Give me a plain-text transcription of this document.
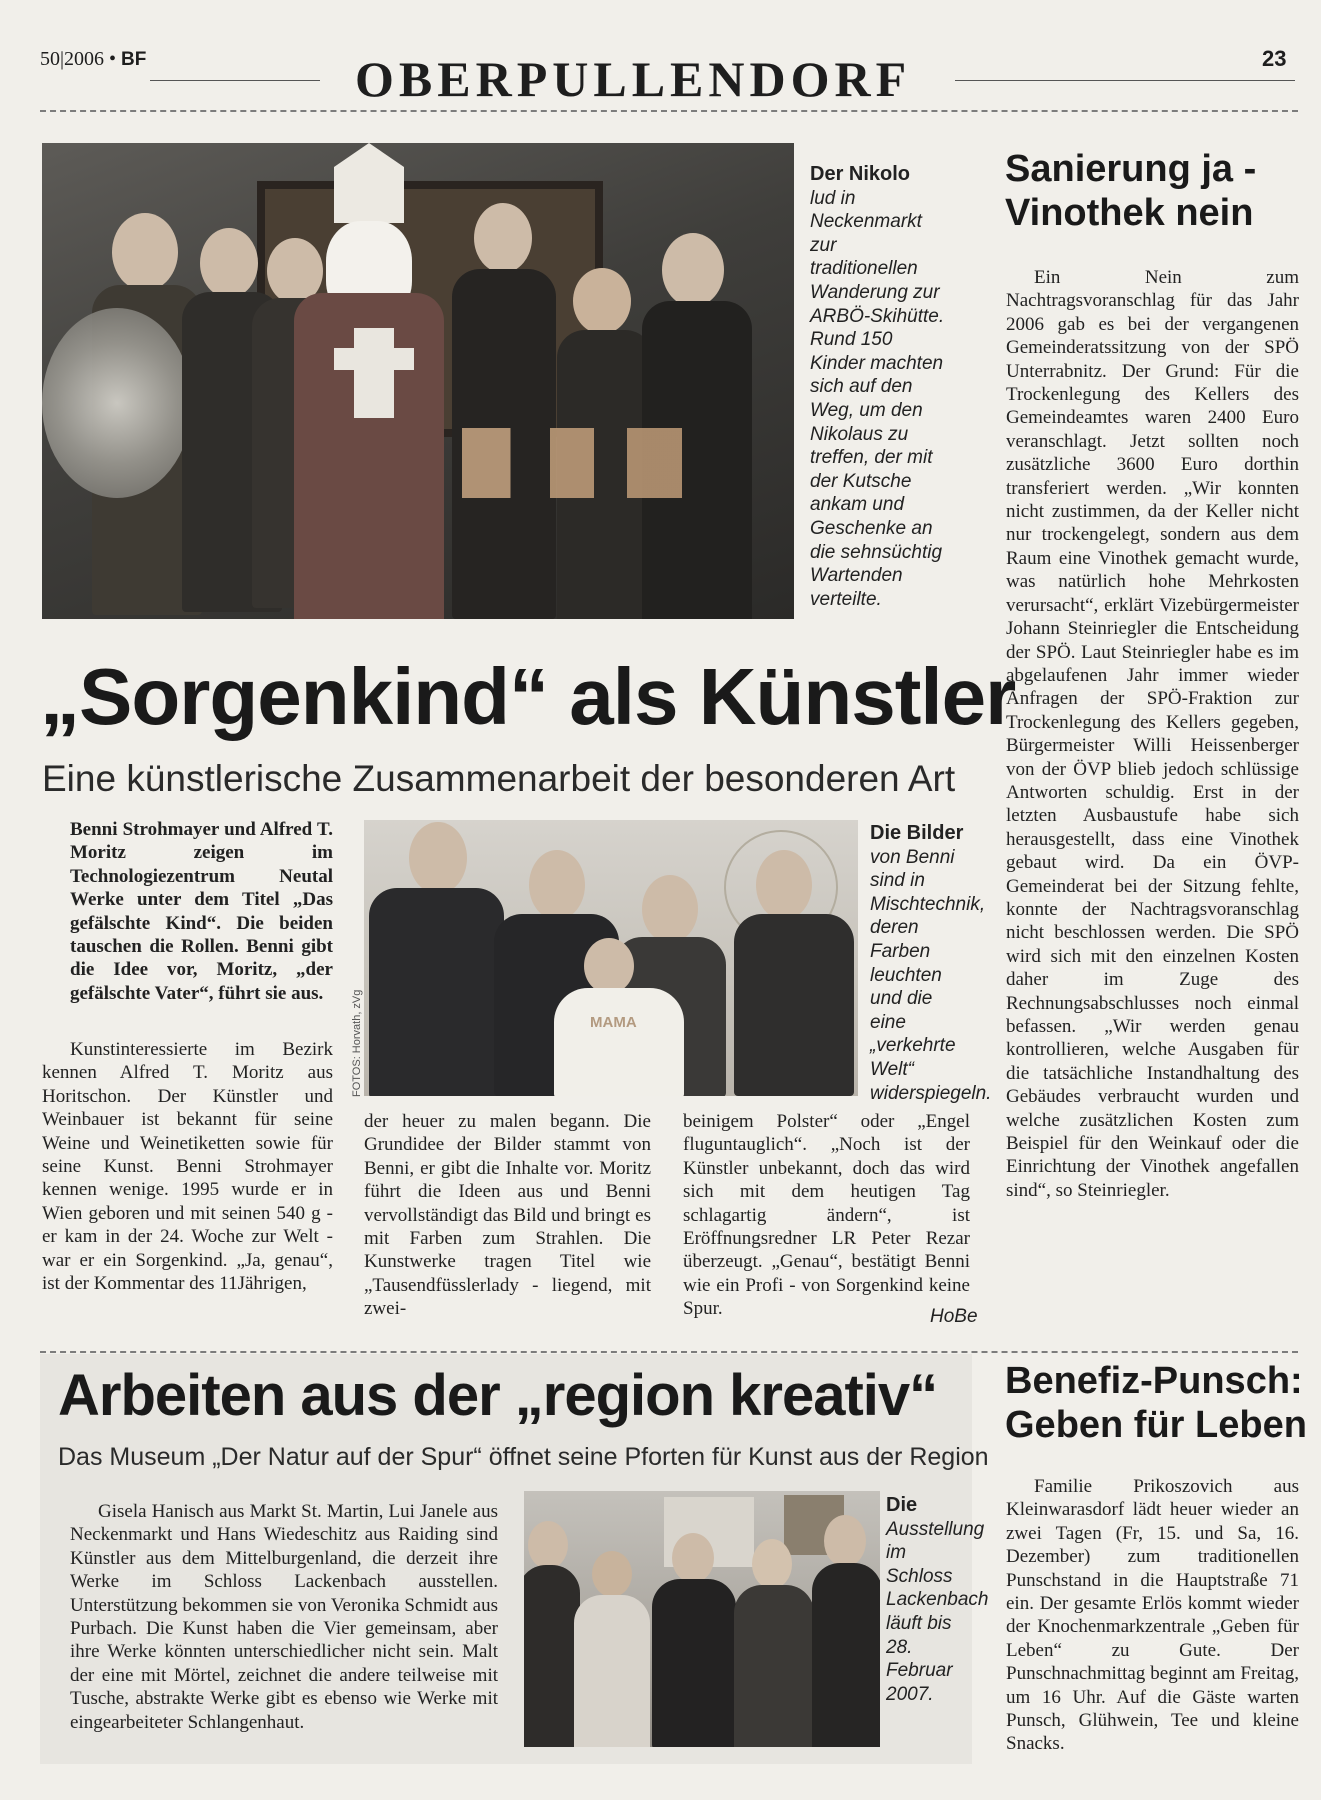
50|2006 • BF	OBERPULLENDORF	23
Der Nikolo
lud in Neckenmarkt zur traditionellen Wanderung zur ARBÖ-Skihütte. Rund 150 Kinder machten sich auf den Weg, um den Nikolaus zu treffen, der mit der Kutsche ankam und Geschenke an die sehnsüchtig Wartenden verteilte.
„Sorgenkind“ als Künstler
Eine künstlerische Zusammenarbeit der besonderen Art
Benni Strohmayer und Alfred T. Moritz zeigen im Technologiezentrum Neutal Werke unter dem Titel „Das gefälschte Kind“. Die beiden tauschen die Rollen. Benni gibt die Idee vor, Moritz, „der gefälschte Vater“, führt sie aus.
Kunstinteressierte im Bezirk kennen Alfred T. Moritz aus Horitschon. Der Künstler und Weinbauer ist bekannt für seine Weine und Weinetiketten sowie für seine Kunst. Benni Strohmayer kennen wenige. 1995 wurde er in Wien geboren und mit seinen 540 g - er kam in der 24. Woche zur Welt - war er ein Sorgenkind. „Ja, genau“, ist der Kommentar des 11Jährigen,
MAMA
FOTOS: Horvath, zVg
Die Bilder
von Benni sind in Mischtechnik, deren Farben leuchten und die eine „verkehrte Welt“ widerspiegeln.
der heuer zu malen begann. Die Grundidee der Bilder stammt von Benni, er gibt die Inhalte vor. Moritz führt die Ideen aus und Benni vervollständigt das Bild und bringt es mit Farben zum Strahlen. Die Kunstwerke tragen Titel wie „Tausendfüsslerlady - liegend, mit zwei-
beinigem Polster“ oder „Engel fluguntauglich“. „Noch ist der Künstler unbekannt, doch das wird sich mit dem heutigen Tag schlagartig ändern“, ist Eröffnungsredner LR Peter Rezar überzeugt. „Genau“, bestätigt Benni wie ein Profi - von Sorgenkind keine Spur.	HoBe
Sanierung ja -
Vinothek nein
Ein Nein zum Nachtragsvoranschlag für das Jahr 2006 gab es bei der vergangenen Gemeinderatssitzung von der SPÖ Unterrabnitz. Der Grund: Für die Trockenlegung des Kellers des Gemeindeamtes waren 2400 Euro veranschlagt. Jetzt sollten noch zusätzliche 3600 Euro dorthin transferiert werden. „Wir konnten nicht zustimmen, da der Keller nicht nur trockengelegt, sondern aus dem Raum eine Vinothek gemacht wurde, was natürlich hohe Mehrkosten verursacht“, erklärt Vizebürgermeister Johann Steinriegler die Entscheidung der SPÖ. Laut Steinriegler habe es im abgelaufenen Jahr immer wieder Anfragen der SPÖ-Fraktion zur Trockenlegung des Kellers gegeben, Bürgermeister Willi Heissenberger von der ÖVP blieb jedoch schlüssige Antworten schuldig. Erst in der letzten Ausbaustufe habe sich herausgestellt, dass eine Vinothek gebaut wird. Da ein ÖVP-Gemeinderat bei der Sitzung fehlte, konnte der Nachtragsvoranschlag nicht beschlossen werden. Die SPÖ wird sich mit den einzelnen Kosten daher im Zuge des Rechnungsabschlusses noch einmal befassen. „Wir werden genau kontrollieren, welche Ausgaben für die tatsächliche Instandhaltung des Gebäudes verbraucht wurden und welche zusätzlichen Kosten zum Beispiel für den Weinkauf oder die Einrichtung der Vinothek angefallen sind“, so Steinriegler.
Arbeiten aus der „region kreativ“
Das Museum „Der Natur auf der Spur“ öffnet seine Pforten für Kunst aus der Region
Gisela Hanisch aus Markt St. Martin, Lui Janele aus Neckenmarkt und Hans Wiedeschitz aus Raiding sind Künstler aus dem Mittelburgenland, die derzeit ihre Werke im Schloss Lackenbach ausstellen. Unterstützung bekommen sie von Veronika Schmidt aus Purbach. Die Kunst haben die Vier gemeinsam, aber ihre Werke könnten unterschiedlicher nicht sein. Malt der eine mit Mörtel, zeichnet die andere teilweise mit Tusche, abstrakte Werke gibt es ebenso wie Werke mit eingearbeiteter Schlangenhaut.
Die Ausstellung im Schloss Lackenbach läuft bis 28. Februar 2007.
Benefiz-Punsch:
Geben für Leben
Familie Prikoszovich aus Kleinwarasdorf lädt heuer wieder an zwei Tagen (Fr, 15. und Sa, 16. Dezember) zum traditionellen Punschstand in die Hauptstraße 71 ein. Der gesamte Erlös kommt wieder der Knochenmarkzentrale „Geben für Leben“ zu Gute. Der Punschnachmittag beginnt am Freitag, um 16 Uhr. Auf die Gäste warten Punsch, Glühwein, Tee und kleine Snacks.
